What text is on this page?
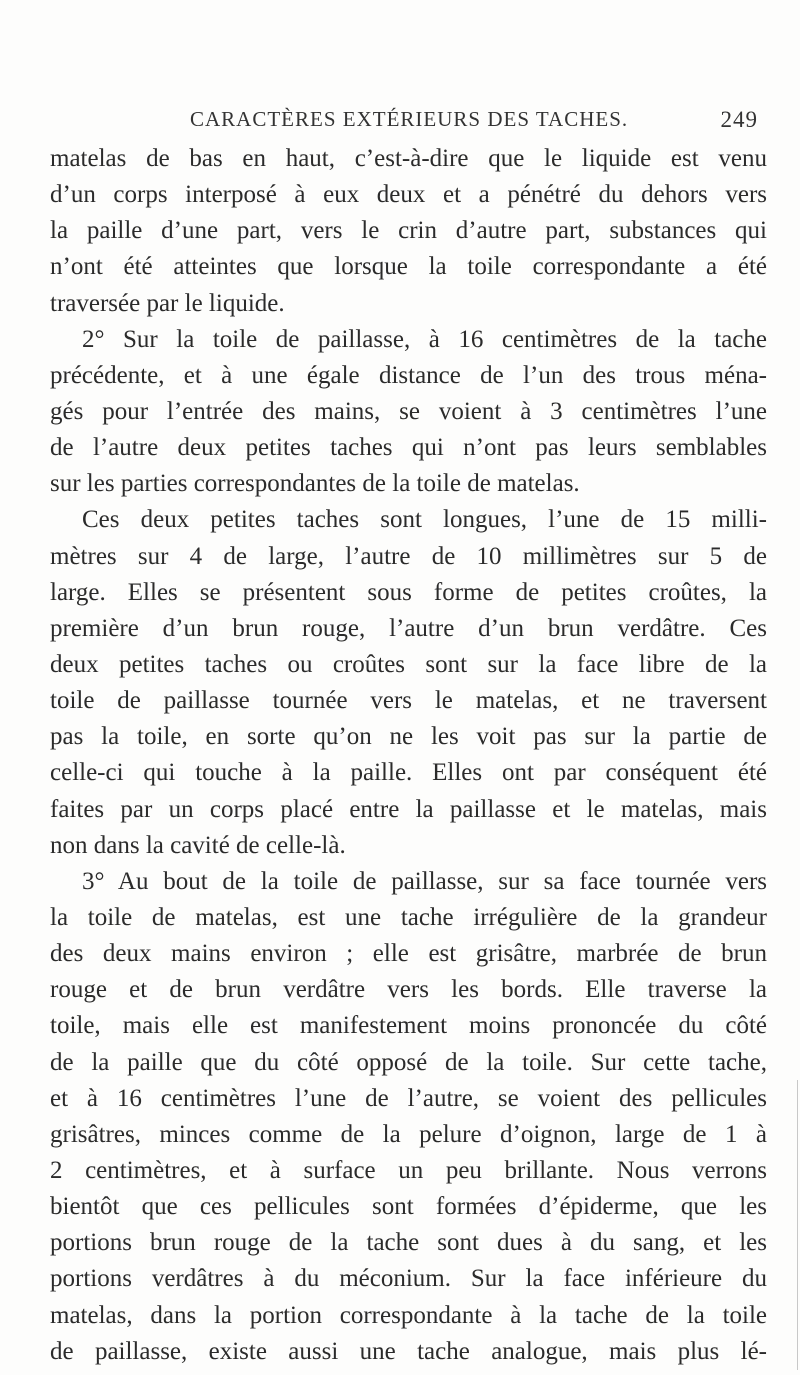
CARACTÈRES EXTÉRIEURS DES TACHES.	249
matelas de bas en haut, c’est-à-dire que le liquide est venu
d’un corps interposé à eux deux et a pénétré du dehors vers
la paille d’une part, vers le crin d’autre part, substances qui
n’ont été atteintes que lorsque la toile correspondante a été
traversée par le liquide.
2° Sur la toile de paillasse, à 16 centimètres de la tache
précédente, et à une égale distance de l’un des trous ména-
gés pour l’entrée des mains, se voient à 3 centimètres l’une
de l’autre deux petites taches qui n’ont pas leurs semblables
sur les parties correspondantes de la toile de matelas.
Ces deux petites taches sont longues, l’une de 15 milli-
mètres sur 4 de large, l’autre de 10 millimètres sur 5 de
large. Elles se présentent sous forme de petites croûtes, la
première d’un brun rouge, l’autre d’un brun verdâtre. Ces
deux petites taches ou croûtes sont sur la face libre de la
toile de paillasse tournée vers le matelas, et ne traversent
pas la toile, en sorte qu’on ne les voit pas sur la partie de
celle-ci qui touche à la paille. Elles ont par conséquent été
faites par un corps placé entre la paillasse et le matelas, mais
non dans la cavité de celle-là.
3° Au bout de la toile de paillasse, sur sa face tournée vers
la toile de matelas, est une tache irrégulière de la grandeur
des deux mains environ ; elle est grisâtre, marbrée de brun
rouge et de brun verdâtre vers les bords. Elle traverse la
toile, mais elle est manifestement moins prononcée du côté
de la paille que du côté opposé de la toile. Sur cette tache,
et à 16 centimètres l’une de l’autre, se voient des pellicules
grisâtres, minces comme de la pelure d’oignon, large de 1 à
2 centimètres, et à surface un peu brillante. Nous verrons
bientôt que ces pellicules sont formées d’épiderme, que les
portions brun rouge de la tache sont dues à du sang, et les
portions verdâtres à du méconium. Sur la face inférieure du
matelas, dans la portion correspondante à la tache de la toile
de paillasse, existe aussi une tache analogue, mais plus lé-
